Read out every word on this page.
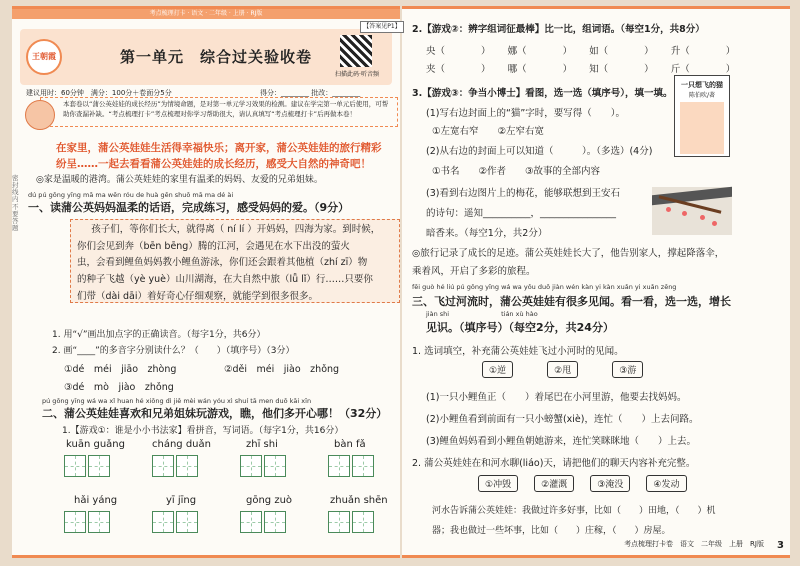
考点梳理打卡 · 语文 · 二年级 · 上册 · RJ版
【答案见P1】
王朝霞	第一单元　综合过关验收卷
扫描此码·听音频
建议用时：60分钟　满分：100分＋卷面分5分	得分：________ 批改：________
本套卷以“蒲公英娃娃的成长经历”为情境命题，是对第一单元学习效果的检测。建议在学完第一单元后使用，可帮助你查漏补缺。“考点梳理打卡”考点梳理对你学习帮助很大，请认真填写“考点梳理打卡”后再做本卷！
在家里，蒲公英娃娃生活得幸福快乐；离开家，蒲公英娃娃的旅行精彩
纷呈……一起去看看蒲公英娃娃的成长经历，感受大自然的神奇吧！
密封线内不要答题
◎家是温暖的港湾。蒲公英娃娃的家里有温柔的妈妈、友爱的兄弟姐妹。
dú pú gōng yīng mā ma wēn róu de huà gēn shuō mā ma dé ài
一、读蒲公英妈妈温柔的话语，完成练习，感受妈妈的爱。（9分）
孩子们，等你们长大，就得离（ ní lí ）开妈妈，四海为家。到时候，
你们会见到奔（bēn bēng）腾的江河，会遇见在水下出没的萤火
虫，会看到鲤鱼妈妈教小鲤鱼游泳，你们还会跟着其他植（zhí zī）物
的种子飞越（yè yuè）山川湖海，在大自然中旅（lǚ lǐ）行……只要你
们带（dài dāi）着好奇心仔细观察，就能学到很多很多。
1. 用“√”画出加点字的正确读音。（每字1分，共6分）
2. 画“____”的多音字分别读什么？（　　）（填序号）（3分）
①dé　méi　jiāo　zhòng	②děi　méi　jiào　zhǒng
③dé　mò　jiào　zhǒng
pú gōng yīng wá wa xǐ huan hé xiōng dì jiě mèi wán yóu xì shuí tā men duō kāi xīn
二、蒲公英娃娃喜欢和兄弟姐妹玩游戏，瞧，他们多开心哪！（32分）
1.【游戏①：谁是小小书法家】看拼音，写词语。（每字1分，共16分）
kuān guǎng	cháng duǎn	zhī shi	bàn fǎ
hǎi yáng	yī jīng	gōng zuò	zhuǎn shēn
2.【游戏②：辨字组词征最棒】比一比，组词语。（每空1分，共8分）
央（	） 娜（	） 如（	） 升（	）
夹（	） 哪（	） 知（	） 斤（	）
3.【游戏③：争当小博士】看图，选一选（填序号），填一填。
(1)写右边封面上的“猫”字时，要写得（　　）。
①左宽右窄　　②左窄右宽
(2)从右边的封面上可以知道（　　　）。（多选）(4分)
①书名　　②作者　　③故事的全部内容
(3)看到右边图片上的梅花，能够联想到王安石
的诗句：遥知__________，________________
暗香来。（每空1分，共2分）
一只想飞的猫
陈伯吹/著
◎旅行记录了成长的足迹。蒲公英娃娃长大了，他告别家人，撑起降落伞，
乘着风，开启了多彩的旅程。
fēi guò hé liú pú gōng yīng wá wa yǒu duō jiàn wén kàn yi kàn xuǎn yi xuǎn zēng
三、飞过河流时，蒲公英娃娃有很多见闻。看一看，选一选，增长
jiàn shi　　　　　　　　tián xù hào
见识。（填序号）（每空2分，共24分）
1. 选词填空，补充蒲公英娃娃飞过小河时的见闻。
①逆	②甩	③游
(1)一只小鲤鱼正（　　）着尾巴在小河里游，他要去找妈妈。
(2)小鲤鱼看到前面有一只小螃蟹(xiè)，连忙（　　）上去问路。
(3)鲤鱼妈妈看到小鲤鱼朝她游来，连忙笑眯眯地（　　）上去。
2. 蒲公英娃娃在和河水聊(liáo)天，请把他们的聊天内容补充完整。
①冲毁	②灌溉	③淹没	④发动
河水告诉蒲公英娃娃：我做过许多好事，比如（　　）田地，（　　）机
器；我也做过一些坏事，比如（　　）庄稼，（　　）房屋。
考点梳理打卡卷　语文　二年级　上册　RJ版 3
